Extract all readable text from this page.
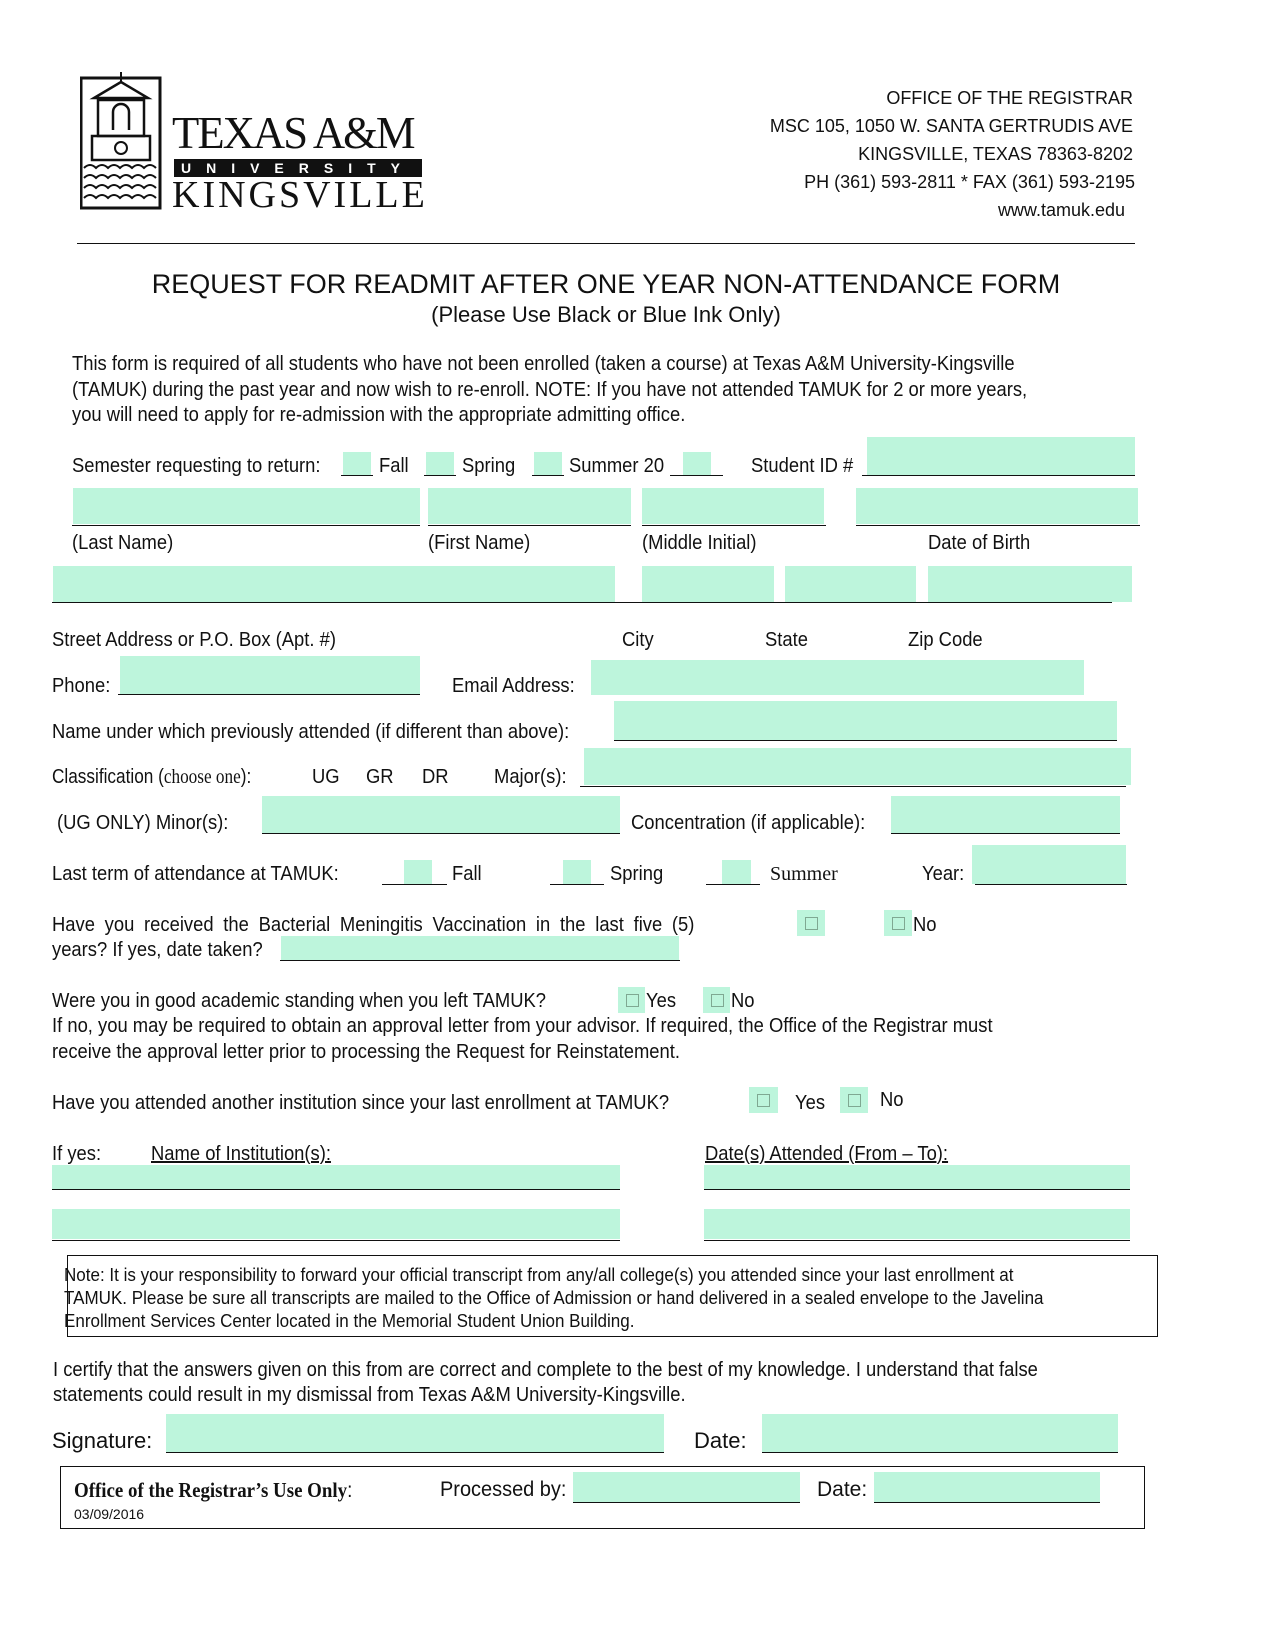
TEXAS A&M
UNIVERSITY
KINGSVILLE
OFFICE OF THE REGISTRAR
MSC 105, 1050 W. SANTA GERTRUDIS AVE
KINGSVILLE, TEXAS 78363-8202
PH (361) 593-2811 * FAX (361) 593-2195
www.tamuk.edu
REQUEST FOR READMIT AFTER ONE YEAR NON-ATTENDANCE FORM
(Please Use Black or Blue Ink Only)
This form is required of all students who have not been enrolled (taken a course) at Texas A&M University-Kingsville
(TAMUK) during the past year and now wish to re-enroll. NOTE: If you have not attended TAMUK for 2 or more years,
you will need to apply for re-admission with the appropriate admitting office.
Semester requesting to return:	Fall	Spring	Summer 20	Student ID #
(Last Name)	(First Name)	(Middle Initial)	Date of Birth
Street Address or P.O. Box (Apt. #)	City	State	Zip Code
Phone:	Email Address:
Name under which previously attended (if different than above):
Classification (choose one):	UG GR DR Major(s):
(UG ONLY) Minor(s):	Concentration (if applicable):
Last term of attendance at TAMUK:	Fall	Spring	Summer	Year:
Have you received the Bacterial Meningitis Vaccination in the last five (5)	No
years? If yes, date taken?
Were you in good academic standing when you left TAMUK?	Yes	No
If no, you may be required to obtain an approval letter from your advisor. If required, the Office of the Registrar must
receive the approval letter prior to processing the Request for Reinstatement.
Have you attended another institution since your last enrollment at TAMUK?	Yes	No
If yes: Name of Institution(s):	Date(s) Attended (From – To):
Note: It is your responsibility to forward your official transcript from any/all college(s) you attended since your last enrollment at
TAMUK. Please be sure all transcripts are mailed to the Office of Admission or hand delivered in a sealed envelope to the Javelina
Enrollment Services Center located in the Memorial Student Union Building.
I certify that the answers given on this from are correct and complete to the best of my knowledge. I understand that false
statements could result in my dismissal from Texas A&M University-Kingsville.
Signature:	Date:
Office of the Registrar’s Use Only:	Processed by:	Date:
03/09/2016
